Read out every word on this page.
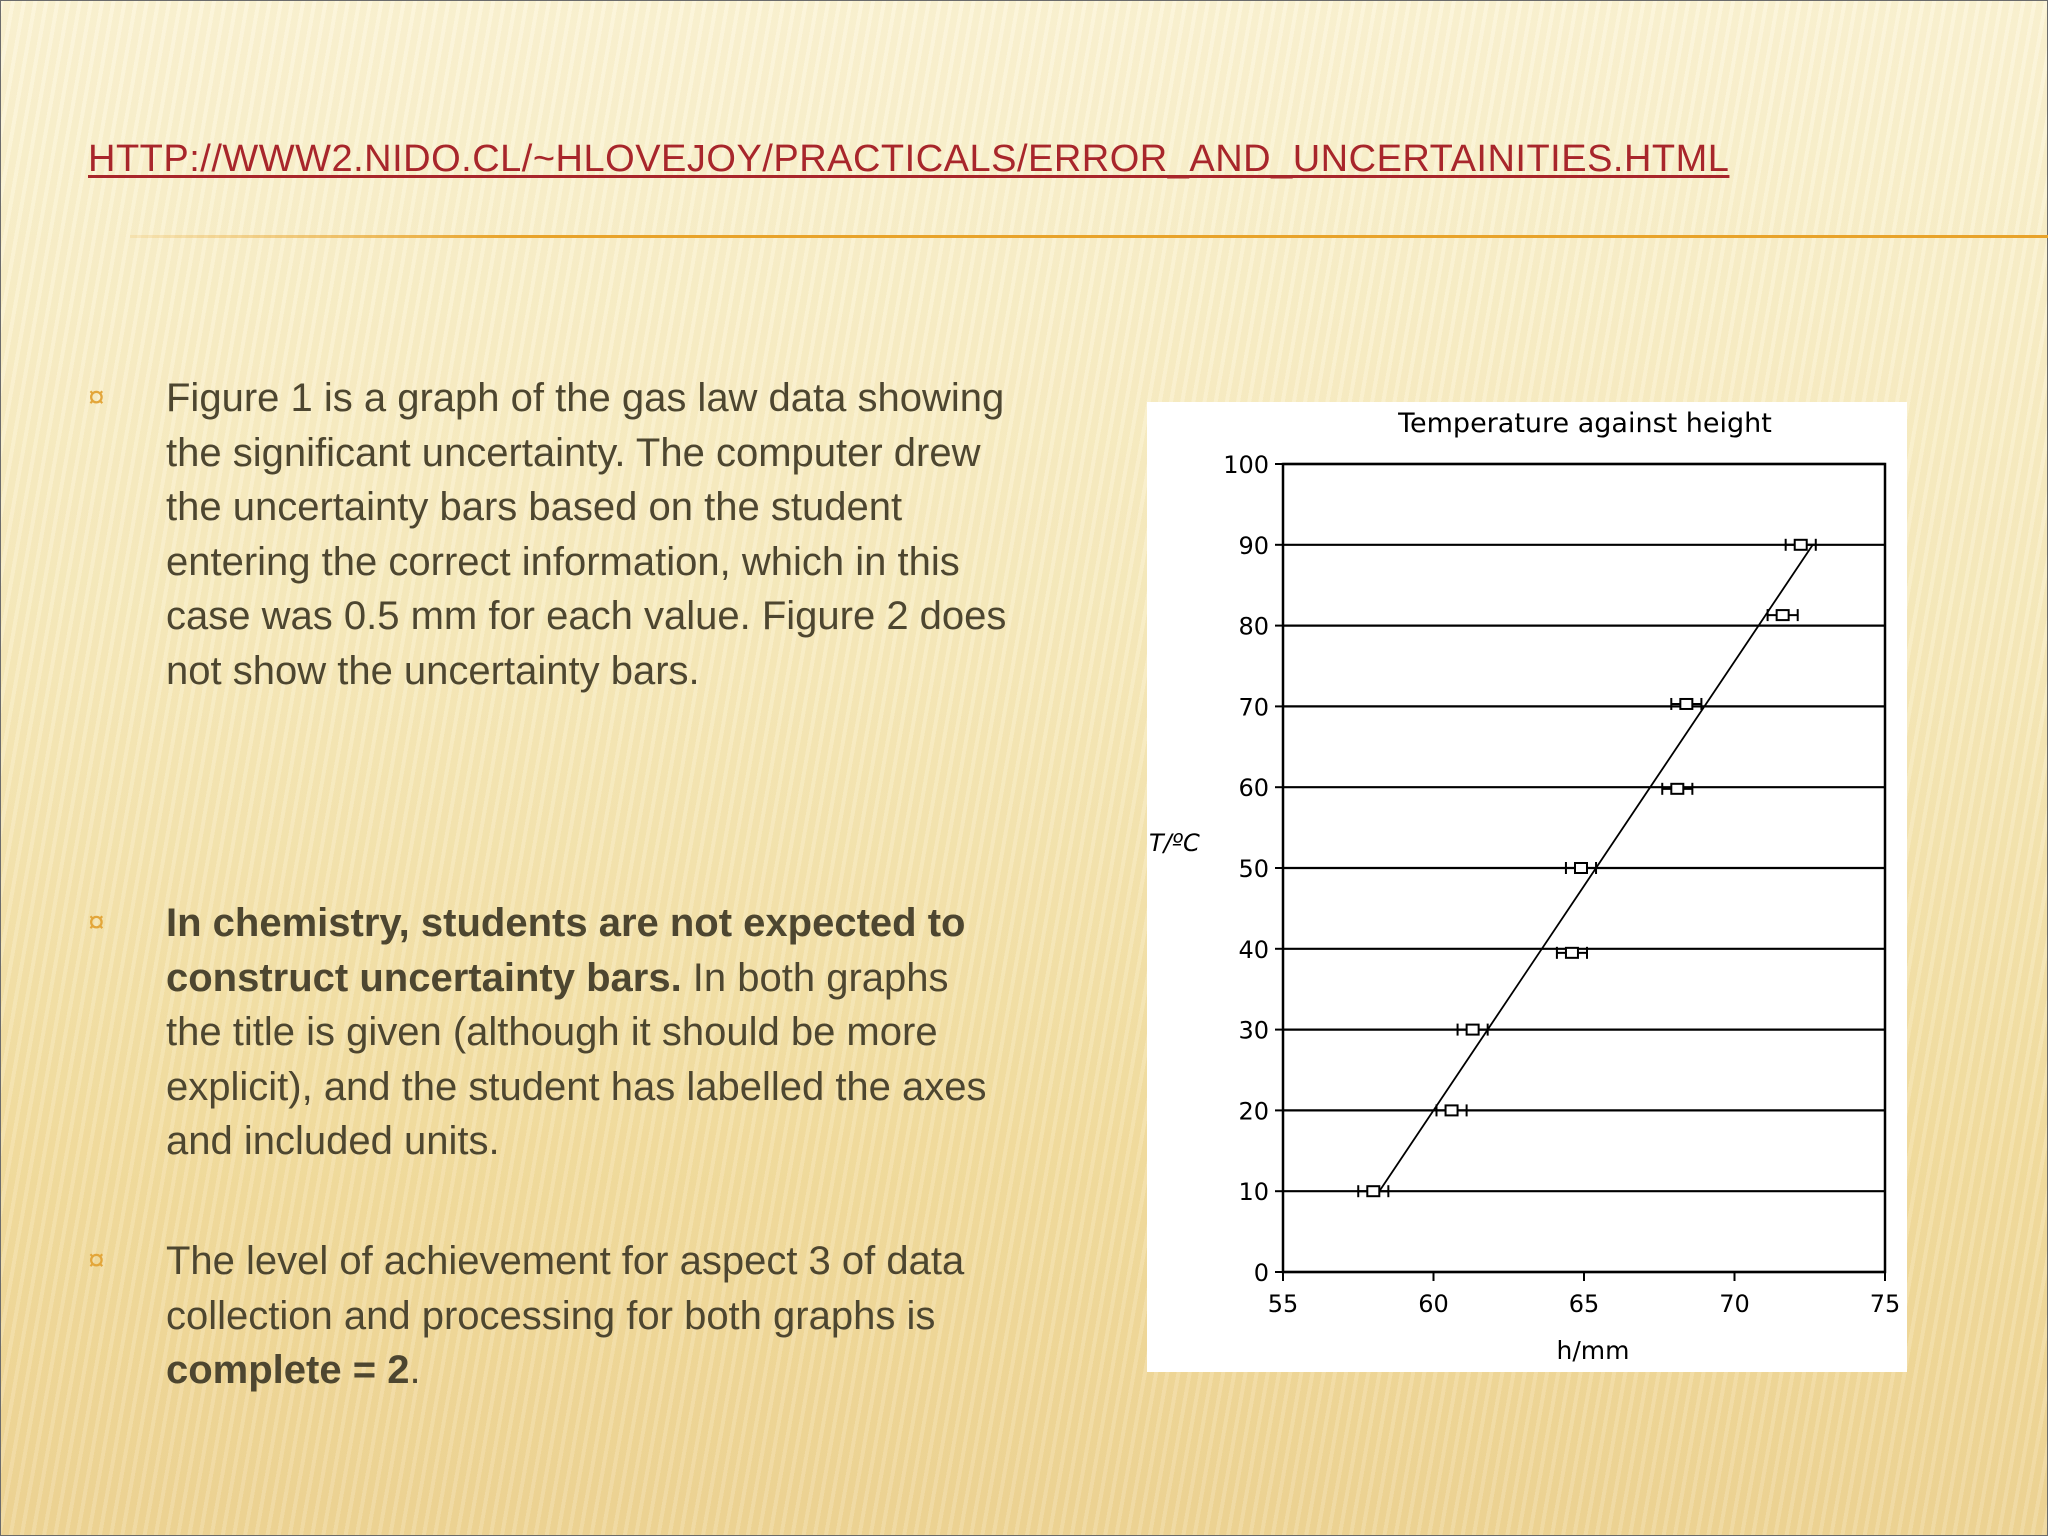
HTTP://WWW2.NIDO.CL/~HLOVEJOY/PRACTICALS/ERROR_AND_UNCERTAINITIES.HTML
¤ Figure 1 is a graph of the gas law data showing the significant uncertainty. The computer drew the uncertainty bars based on the student entering the correct information, which in this case was 0.5 mm for each value. Figure 2 does not show the uncertainty bars.
¤ In chemistry, students are not expected to construct uncertainty bars. In both graphs the title is given (although it should be more explicit), and the student has labelled the axes and included units.
¤ The level of achievement for aspect 3 of data collection and processing for both graphs is complete = 2.
Temperature against height
T/ºC
h/mm
0
10
20
30
40
50
60
70
80
90
100
55	60	65	70	75
